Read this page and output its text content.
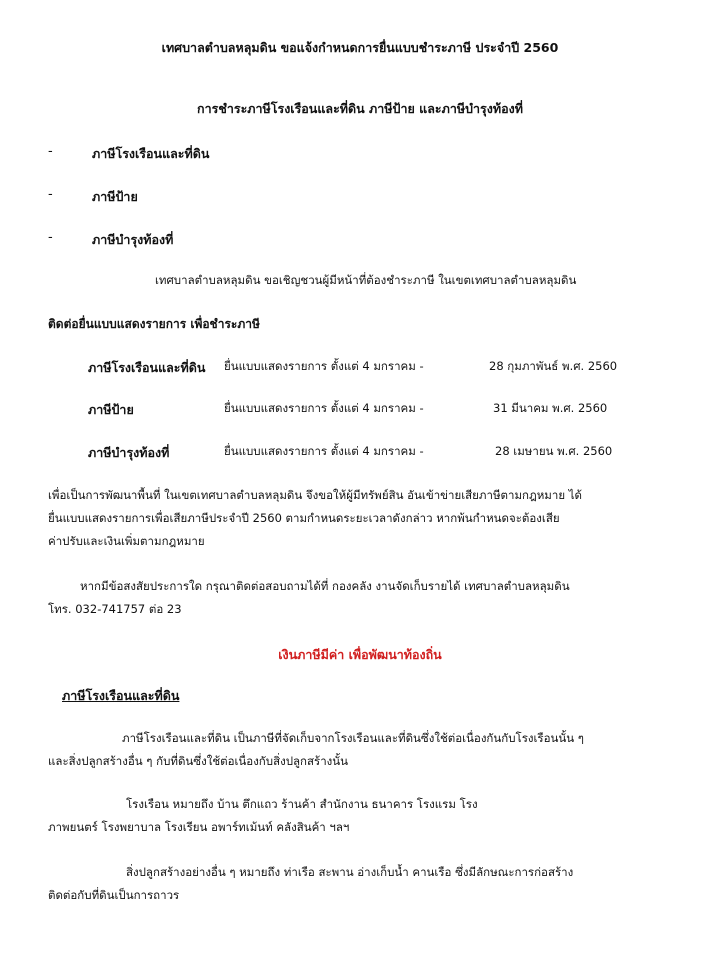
เทศบาลตำบลหลุมดิน ขอแจ้งกำหนดการยื่นแบบชำระภาษี ประจำปี 2560
การชำระภาษีโรงเรือนและที่ดิน ภาษีป้าย และภาษีบำรุงท้องที่
-	ภาษีโรงเรือนและที่ดิน
-	ภาษีป้าย
-	ภาษีบำรุงท้องที่
เทศบาลตำบลหลุมดิน ขอเชิญชวนผู้มีหน้าที่ต้องชำระภาษี ในเขตเทศบาลตำบลหลุมดิน
ติดต่อยื่นแบบแสดงรายการ เพื่อชำระภาษี
ภาษีโรงเรือนและที่ดิน ยื่นแบบแสดงรายการ ตั้งแต่ 4 มกราคม -	28 กุมภาพันธ์ พ.ศ. 2560
ภาษีป้าย	ยื่นแบบแสดงรายการ ตั้งแต่ 4 มกราคม -	31 มีนาคม พ.ศ. 2560
ภาษีบำรุงท้องที่	ยื่นแบบแสดงรายการ ตั้งแต่ 4 มกราคม -	28 เมษายน พ.ศ. 2560
เพื่อเป็นการพัฒนาพื้นที่ ในเขตเทศบาลตำบลหลุมดิน จึงขอให้ผู้มีทรัพย์สิน อันเข้าข่ายเสียภาษีตามกฎหมาย ได้
ยื่นแบบแสดงรายการเพื่อเสียภาษีประจำปี 2560 ตามกำหนดระยะเวลาดังกล่าว หากพ้นกำหนดจะต้องเสีย
ค่าปรับและเงินเพิ่มตามกฎหมาย
หากมีข้อสงสัยประการใด กรุณาติดต่อสอบถามได้ที่ กองคลัง งานจัดเก็บรายได้ เทศบาลตำบลหลุมดิน
โทร. 032-741757 ต่อ 23
เงินภาษีมีค่า เพื่อพัฒนาท้องถิ่น
ภาษีโรงเรือนและที่ดิน
ภาษีโรงเรือนและที่ดิน เป็นภาษีที่จัดเก็บจากโรงเรือนและที่ดินซึ่งใช้ต่อเนื่องกันกับโรงเรือนนั้น ๆ
และสิ่งปลูกสร้างอื่น ๆ กับที่ดินซึ่งใช้ต่อเนื่องกับสิ่งปลูกสร้างนั้น
โรงเรือน หมายถึง บ้าน ตึกแถว ร้านค้า สำนักงาน ธนาคาร โรงแรม โรง
ภาพยนตร์ โรงพยาบาล โรงเรียน อพาร์ทเม้นท์ คลังสินค้า ฯลฯ
สิ่งปลูกสร้างอย่างอื่น ๆ หมายถึง ท่าเรือ สะพาน อ่างเก็บน้ำ คานเรือ ซึ่งมีลักษณะการก่อสร้าง
ติดต่อกับที่ดินเป็นการถาวร
